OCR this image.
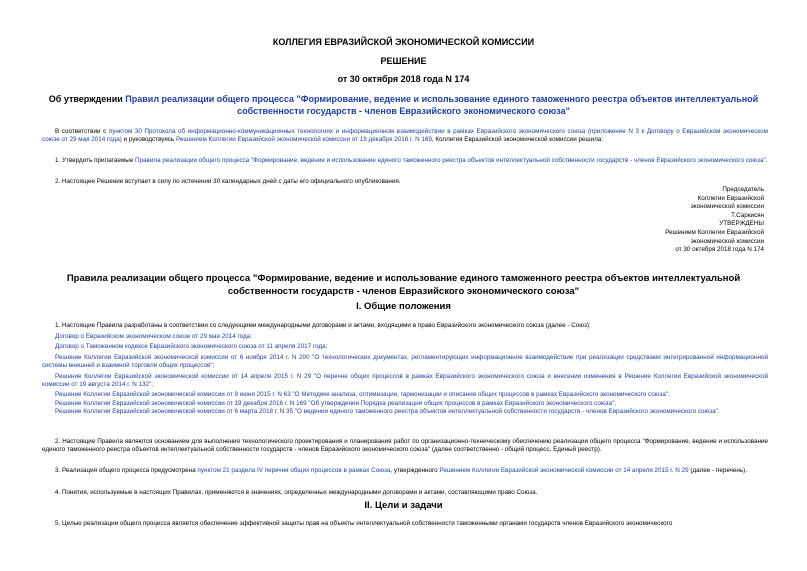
КОЛЛЕГИЯ ЕВРАЗИЙСКОЙ ЭКОНОМИЧЕСКОЙ КОМИССИИ
РЕШЕНИЕ
от 30 октября 2018 года N 174
Об утверждении Правил реализации общего процесса "Формирование, ведение и использование единого таможенного реестра объектов интеллектуальной собственности государств - членов Евразийского экономического союза"
В соответствии с пунктом 30 Протокола об информационно-коммуникационных технологиях и информационном взаимодействии в рамках Евразийского экономического союза (приложение N 3 к Договору о Евразийском экономическом союзе от 29 мая 2014 года) и руководствуясь Решением Коллегии Евразийской экономической комиссии от 19 декабря 2016 г. N 169, Коллегия Евразийской экономической комиссии решила:
1. Утвердить прилагаемые Правила реализации общего процесса "Формирование, ведение и использование единого таможенного реестра объектов интеллектуальной собственности государств - членов Евразийского экономического союза".
2. Настоящее Решение вступает в силу по истечении 30 календарных дней с даты его официального опубликования.
Председатель
Коллегии Евразийской
экономической комиссии
Т.Саркисян
УТВЕРЖДЕНЫ
Решением Коллегии Евразийской
экономической комиссии
от 30 октября 2018 года N 174
Правила реализации общего процесса "Формирование, ведение и использование единого таможенного реестра объектов интеллектуальной собственности государств - членов Евразийского экономического союза"
I. Общие положения
1. Настоящие Правила разработаны в соответствии со следующими международными договорами и актами, входящими в право Евразийского экономического союза (далее - Союз):
Договор о Евразийском экономическом союзе от 29 мая 2014 года;
Договор о Таможенном кодексе Евразийского экономического союза от 11 апреля 2017 года;
Решение Коллегии Евразийской экономической комиссии от 6 ноября 2014 г. N 200 "О технологических документах, регламентирующих информационное взаимодействие при реализации средствами интегрированной информационной системы внешней и взаимной торговли общих процессов";
Решение Коллегии Евразийской экономической комиссии от 14 апреля 2015 г. N 29 "О перечне общих процессов в рамках Евразийского экономического союза и внесении изменения в Решение Коллегии Евразийской экономической комиссии от 19 августа 2014 г. N 132";
Решение Коллегии Евразийской экономической комиссии от 9 июня 2015 г. N 63 "О Методике анализа, оптимизации, гармонизации и описания общих процессов в рамках Евразийского экономического союза";
Решение Коллегии Евразийской экономической комиссии от 19 декабря 2016 г. N 169 "Об утверждении Порядка реализации общих процессов в рамках Евразийского экономического союза";
Решение Коллегии Евразийской экономической комиссии от 6 марта 2018 г. N 35 "О ведении единого таможенного реестра объектов интеллектуальной собственности государств - членов Евразийского экономического союза".
2. Настоящие Правила являются основанием для выполнения технологического проектирования и планирования работ по организационно-техническому обеспечению реализации общего процесса "Формирование, ведение и использование единого таможенного реестра объектов интеллектуальной собственности государств - членов Евразийского экономического союза" (далее соответственно - общий процесс, Единый реестр).
3. Реализация общего процесса предусмотрена пунктом 21 раздела IV перечня общих процессов в рамках Союза, утвержденного Решением Коллегии Евразийской экономической комиссии от 14 апреля 2015 г. N 29 (далее - перечень).
4. Понятия, используемые в настоящих Правилах, применяются в значениях, определенных международными договорами и актами, составляющими право Союза.
II. Цели и задачи
5. Целью реализации общего процесса является обеспечение эффективной защиты прав на объекты интеллектуальной собственности таможенными органами государств членов Евразийского экономического
